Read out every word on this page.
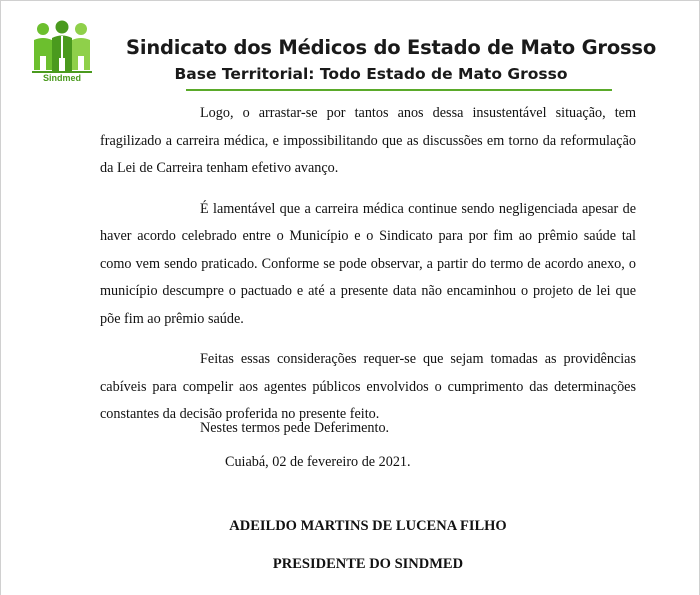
Sindmed
Sindicato dos Médicos do Estado de Mato Grosso
Base Territorial: Todo Estado de Mato Grosso

Logo, o arrastar-se por tantos anos dessa insustentável situação, tem fragilizado a carreira médica, e impossibilitando que as discussões em torno da reformulação da Lei de Carreira tenham efetivo avanço.

É lamentável que a carreira médica continue sendo negligenciada apesar de haver acordo celebrado entre o Município e o Sindicato para por fim ao prêmio saúde tal como vem sendo praticado. Conforme se pode observar, a partir do termo de acordo anexo, o município descumpre o pactuado e até a presente data não encaminhou o projeto de lei que põe fim ao prêmio saúde.

Feitas essas considerações requer-se que sejam tomadas as providências cabíveis para compelir aos agentes públicos envolvidos o cumprimento das determinações constantes da decisão proferida no presente feito.

Nestes termos pede Deferimento.
Cuiabá, 02 de fevereiro de 2021.
ADEILDO MARTINS DE LUCENA FILHO
PRESIDENTE DO SINDMED
